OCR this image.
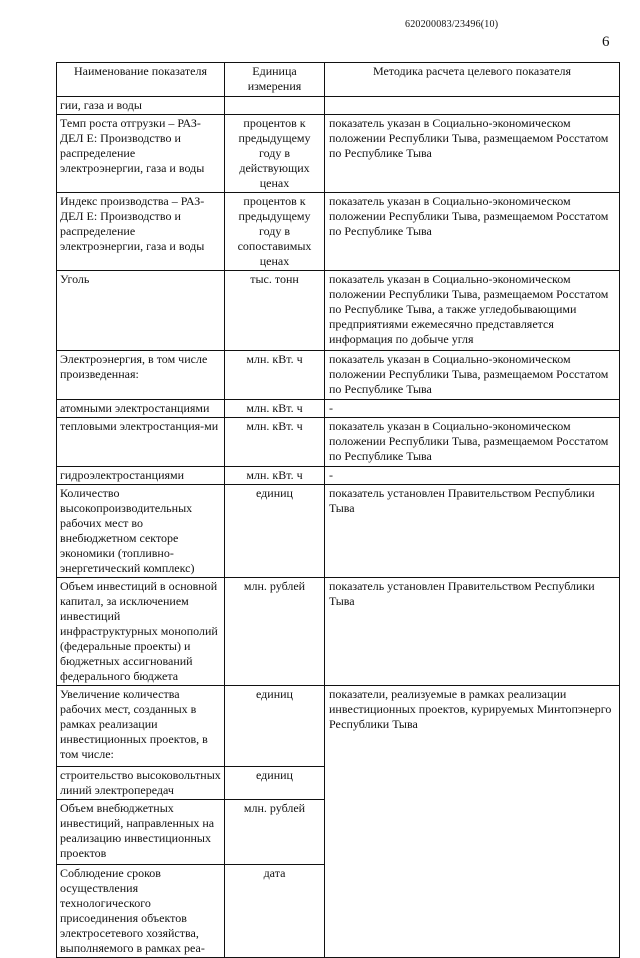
620200083/23496(10)
6
Наименование показателя	Единица измерения	Методика расчета целевого показателя
гии, газа и воды		
Темп роста отгрузки – РАЗ-ДЕЛ Е: Производство и распределение электроэнергии, газа и воды	процентов к предыдущему году в действующих ценах	показатель указан в Социально-экономическом положении Республики Тыва, размещаемом Росстатом по Республике Тыва
Индекс производства – РАЗ-ДЕЛ Е: Производство и распределение электроэнергии, газа и воды	процентов к предыдущему году в сопоставимых ценах	показатель указан в Социально-экономическом положении Республики Тыва, размещаемом Росстатом по Республике Тыва
Уголь	тыс. тонн	показатель указан в Социально-экономическом положении Республики Тыва, размещаемом Росстатом по Республике Тыва, а также угледобывающими предприятиями ежемесячно представляется информация по добыче угля
Электроэнергия, в том числе произведенная:	млн. кВт. ч	показатель указан в Социально-экономическом положении Республики Тыва, размещаемом Росстатом по Республике Тыва
атомными электростанциями	млн. кВт. ч	-
тепловыми электростанция-ми	млн. кВт. ч	показатель указан в Социально-экономическом положении Республики Тыва, размещаемом Росстатом по Республике Тыва
гидроэлектростанциями	млн. кВт. ч	-
Количество высокопроизводительных рабочих мест во внебюджетном секторе экономики (топливно-энергетический комплекс)	единиц	показатель установлен Правительством Республики Тыва
Объем инвестиций в основной капитал, за исключением инвестиций инфраструктурных монополий (федеральные проекты) и бюджетных ассигнований федерального бюджета	млн. рублей	показатель установлен Правительством Республики Тыва
Увеличение количества рабочих мест, созданных в рамках реализации инвестиционных проектов, в том числе:	единиц	показатели, реализуемые в рамках реализации инвестиционных проектов, курируемых Минтопэнерго Республики Тыва
строительство высоковольтных линий электропередач	единиц	
Объем внебюджетных инвестиций, направленных на реализацию инвестиционных проектов	млн. рублей	
Соблюдение сроков осуществления технологического присоединения объектов электросетевого хозяйства, выполняемого в рамках реа-	дата	
